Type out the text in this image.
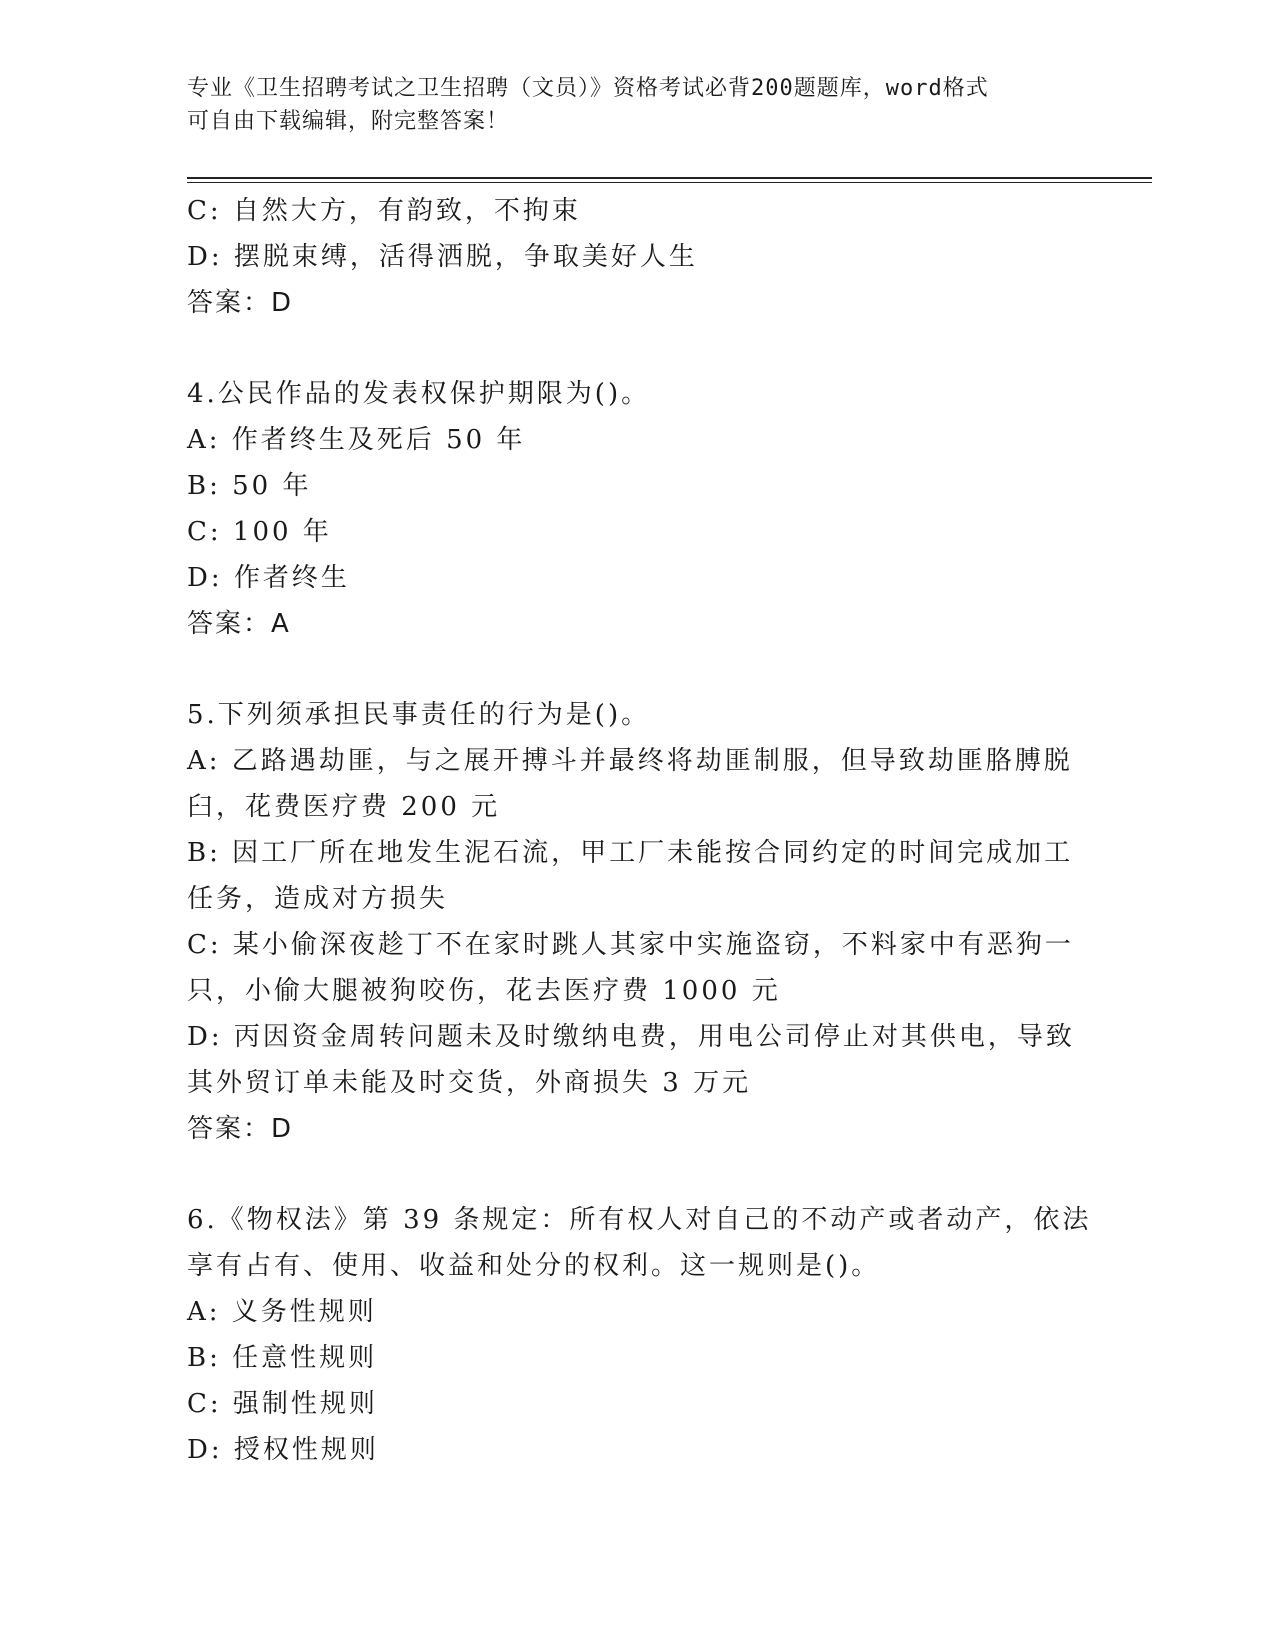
专业《卫生招聘考试之卫生招聘（文员）》资格考试必背200题题库，word格式
可自由下载编辑，附完整答案！
C: 自然大方，有韵致，不拘束
D: 摆脱束缚，活得洒脱，争取美好人生
答案：D
4.公民作品的发表权保护期限为()。
A: 作者终生及死后 50 年
B: 50 年
C: 100 年
D: 作者终生
答案：A
5.下列须承担民事责任的行为是()。
A: 乙路遇劫匪，与之展开搏斗并最终将劫匪制服，但导致劫匪胳膊脱
臼，花费医疗费 200 元
B: 因工厂所在地发生泥石流，甲工厂未能按合同约定的时间完成加工
任务，造成对方损失
C: 某小偷深夜趁丁不在家时跳人其家中实施盗窃，不料家中有恶狗一
只，小偷大腿被狗咬伤，花去医疗费 1000 元
D: 丙因资金周转问题未及时缴纳电费，用电公司停止对其供电，导致
其外贸订单未能及时交货，外商损失 3 万元
答案：D
6.《物权法》第 39 条规定：所有权人对自己的不动产或者动产，依法
享有占有、使用、收益和处分的权利。这一规则是()。
A: 义务性规则
B: 任意性规则
C: 强制性规则
D: 授权性规则
